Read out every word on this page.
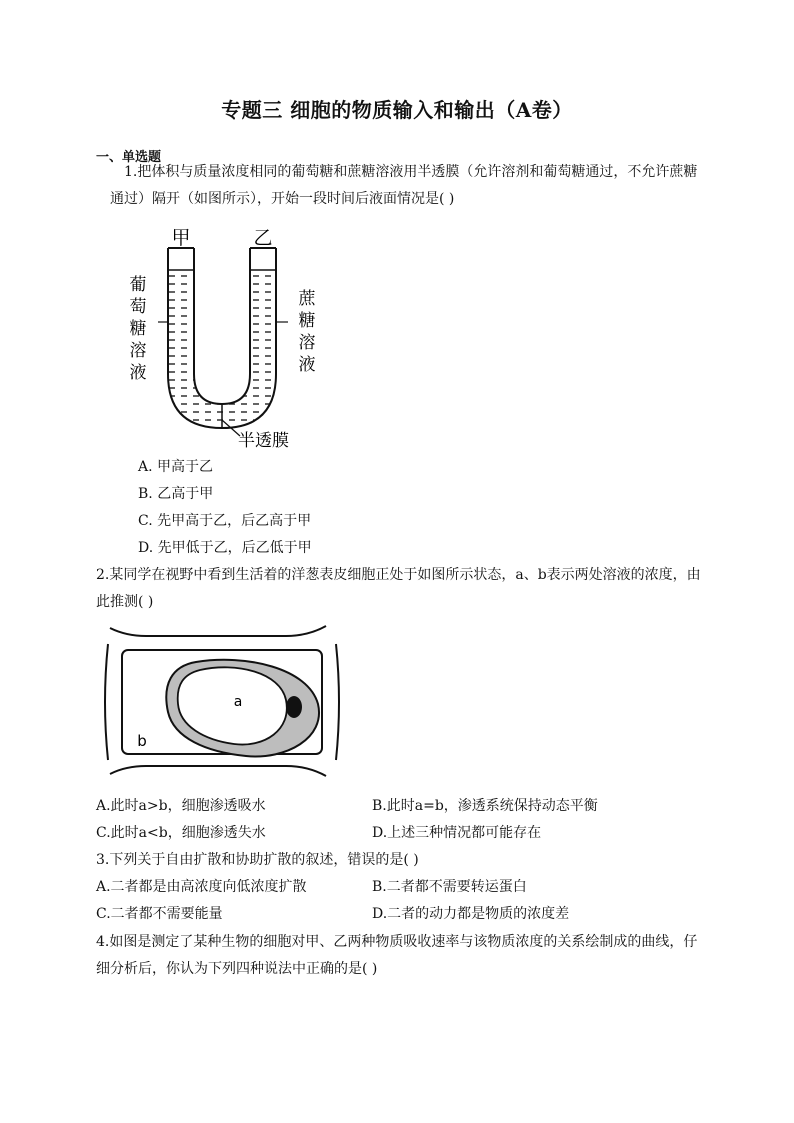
专题三 细胞的物质输入和输出（A卷）
一、单选题
1.把体积与质量浓度相同的葡萄糖和蔗糖溶液用半透膜（允许溶剂和葡萄糖通过，不允许蔗糖
通过）隔开（如图所示），开始一段时间后液面情况是( )
甲	乙
葡
萄
糖
溶
液
蔗
糖
溶
液
半透膜
A. 甲高于乙
B. 乙高于甲
C. 先甲高于乙，后乙高于甲
D. 先甲低于乙，后乙低于甲
2.某同学在视野中看到生活着的洋葱表皮细胞正处于如图所示状态，a、b表示两处溶液的浓度，由
此推测( )
a
b
A.此时a>b，细胞渗透吸水	B.此时a=b，渗透系统保持动态平衡
C.此时a<b，细胞渗透失水	D.上述三种情况都可能存在
3.下列关于自由扩散和协助扩散的叙述，错误的是( )
A.二者都是由高浓度向低浓度扩散	B.二者都不需要转运蛋白
C.二者都不需要能量	D.二者的动力都是物质的浓度差
4.如图是测定了某种生物的细胞对甲、乙两种物质吸收速率与该物质浓度的关系绘制成的曲线，仔
细分析后，你认为下列四种说法中正确的是( )
